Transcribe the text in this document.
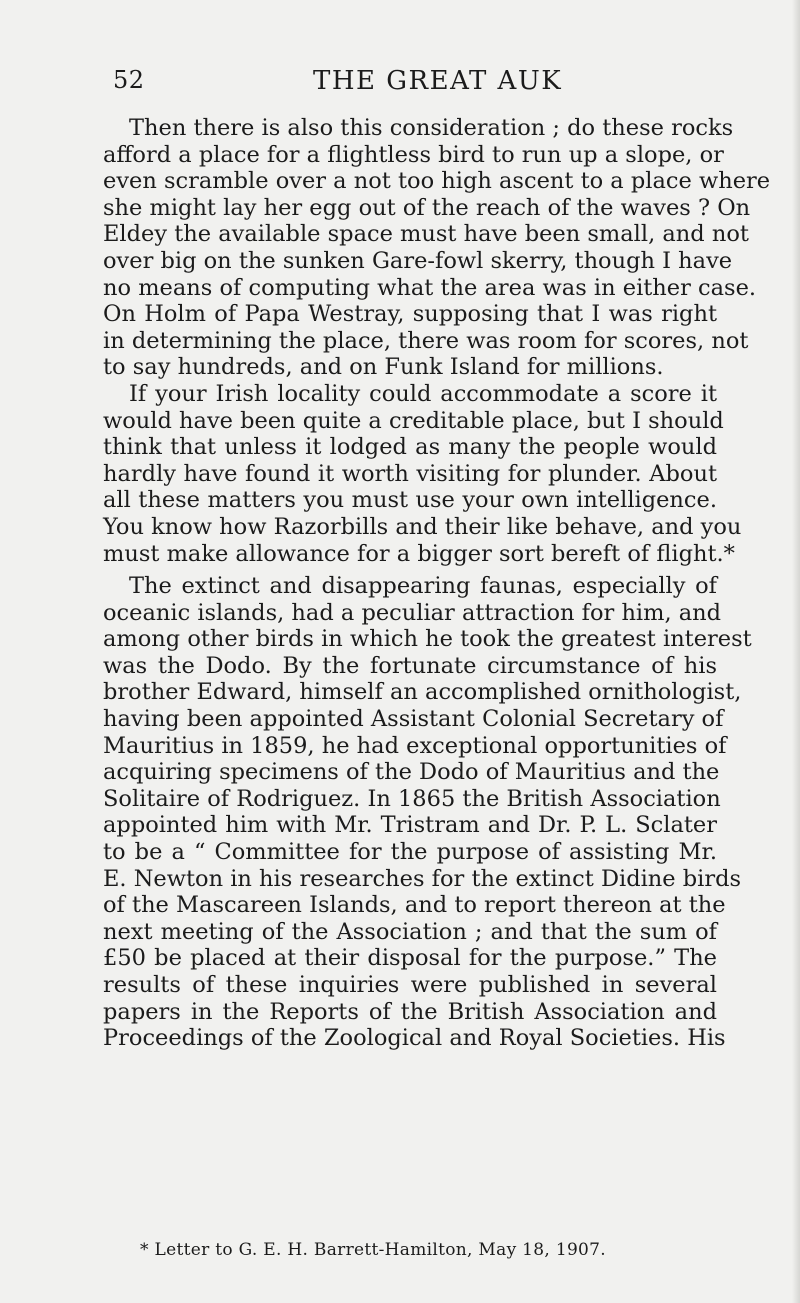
52	THE GREAT AUK
Then there is also this consideration ; do these rocks
afford a place for a flightless bird to run up a slope, or
even scramble over a not too high ascent to a place where
she might lay her egg out of the reach of the waves ? On
Eldey the available space must have been small, and not
over big on the sunken Gare-fowl skerry, though I have
no means of computing what the area was in either case.
On Holm of Papa Westray, supposing that I was right
in determining the place, there was room for scores, not
to say hundreds, and on Funk Island for millions.
If your Irish locality could accommodate a score it
would have been quite a creditable place, but I should
think that unless it lodged as many the people would
hardly have found it worth visiting for plunder. About
all these matters you must use your own intelligence.
You know how Razorbills and their like behave, and you
must make allowance for a bigger sort bereft of flight.*
The extinct and disappearing faunas, especially of
oceanic islands, had a peculiar attraction for him, and
among other birds in which he took the greatest interest
was the Dodo. By the fortunate circumstance of his
brother Edward, himself an accomplished ornithologist,
having been appointed Assistant Colonial Secretary of
Mauritius in 1859, he had exceptional opportunities of
acquiring specimens of the Dodo of Mauritius and the
Solitaire of Rodriguez. In 1865 the British Association
appointed him with Mr. Tristram and Dr. P. L. Sclater
to be a “ Committee for the purpose of assisting Mr.
E. Newton in his researches for the extinct Didine birds
of the Mascareen Islands, and to report thereon at the
next meeting of the Association ; and that the sum of
£50 be placed at their disposal for the purpose.” The
results of these inquiries were published in several
papers in the Reports of the British Association and
Proceedings of the Zoological and Royal Societies. His
* Letter to G. E. H. Barrett-Hamilton, May 18, 1907.
